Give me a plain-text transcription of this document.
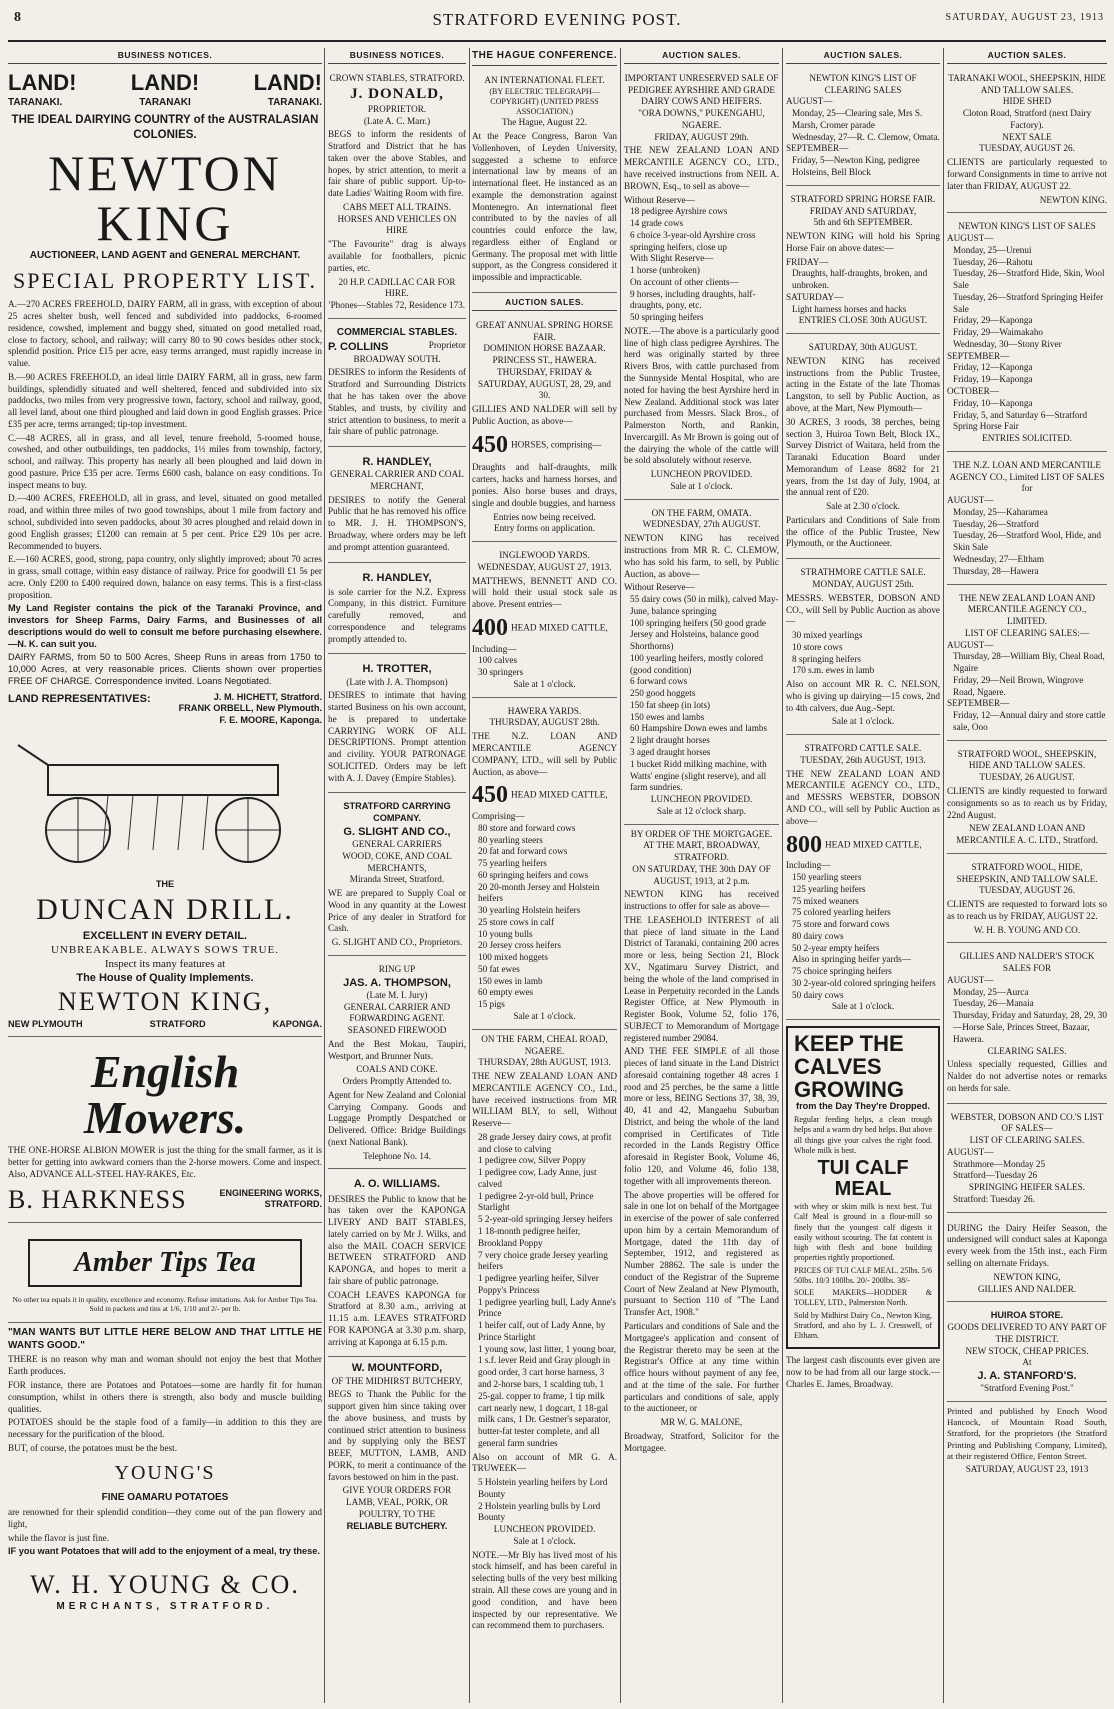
8	STRATFORD EVENING POST.	SATURDAY, AUGUST 23, 1913
BUSINESS NOTICES.
LAND! LAND! LAND!
TARANAKI.	TARANAKI	TARANAKI.
THE IDEAL DAIRYING COUNTRY of the AUSTRALASIAN COLONIES.
NEWTON KING
AUCTIONEER, LAND AGENT and GENERAL MERCHANT.
SPECIAL PROPERTY LIST.

A.—270 ACRES FREEHOLD, DAIRY FARM, all in grass, with exception of about 25 acres shelter bush, well fenced and subdivided into paddocks, 6-roomed residence, cowshed, implement and buggy shed, situated on good metalled road, close to factory, school, and railway; will carry 80 to 90 cows besides other stock, splendid position. Price £15 per acre, easy terms arranged, must rapidly increase in value.

B.—90 ACRES FREEHOLD, an ideal little DAIRY FARM, all in grass, new farm buildings, splendidly situated and well sheltered, fenced and subdivided into six paddocks, two miles from very progressive town, factory, school and railway, good, all level land, about one third ploughed and laid down in good English grasses. Price £35 per acre, terms arranged; tip-top investment.

C.—48 ACRES, all in grass, and all level, tenure freehold, 5-roomed house, cowshed, and other outbuildings, ten paddocks, 1½ miles from township, factory, school, and railway. This property has nearly all been ploughed and laid down in good pasture. Price £35 per acre. Terms £600 cash, balance on easy conditions. To inspect means to buy.

D.—400 ACRES, FREEHOLD, all in grass, and level, situated on good metalled road, and within three miles of two good townships, about 1 mile from factory and school, subdivided into seven paddocks, about 30 acres ploughed and relaid down in good English grasses; £1200 can remain at 5 per cent. Price £29 10s per acre. Recommended to buyers.

E.—160 ACRES, good, strong, papa country, only slightly improved; about 70 acres in grass, small cottage, within easy distance of railway. Price for goodwill £1 5s per acre. Only £200 to £400 required down, balance on easy terms. This is a first-class proposition.

My Land Register contains the pick of the Taranaki Province, and investors for Sheep Farms, Dairy Farms, and Businesses of all descriptions would do well to consult me before purchasing elsewhere.—N. K. can suit you.

DAIRY FARMS, from 50 to 500 Acres, Sheep Runs in areas from 1750 to 10,000 Acres, at very reasonable prices. Clients shown over properties FREE OF CHARGE. Correspondence invited. Loans Negotiated.

LAND REPRESENTATIVES:	J. M. HICHETT, Stratford.
FRANK ORBELL, New Plymouth.
F. E. MOORE, Kaponga.
THE
DUNCAN DRILL.
EXCELLENT IN EVERY DETAIL.
UNBREAKABLE. ALWAYS SOWS TRUE.
Inspect its many features at
The House of Quality Implements.
NEWTON KING,
NEW PLYMOUTH	STRATFORD	KAPONGA.
English Mowers.

THE ONE-HORSE ALBION MOWER is just the thing for the small farmer, as it is better for getting into awkward corners than the 2-horse mowers. Come and inspect. Also, ADVANCE ALL-STEEL HAY-RAKES, Etc.

B. HARKNESS	ENGINEERING WORKS, STRATFORD.
Amber Tips Tea

No other tea equals it in quality, excellence and economy. Refuse imitations. Ask for Amber Tips Tea. Sold in packets and tins at 1/6, 1/10 and 2/- per lb.

"MAN WANTS BUT LITTLE HERE BELOW AND THAT LITTLE HE WANTS GOOD."

THERE is no reason why man and woman should not enjoy the best that Mother Earth produces.

FOR instance, there are Potatoes and Potatoes—some are hardly fit for human consumption, whilst in others there is strength, also body and muscle building qualities.

POTATOES should be the staple food of a family—in addition to this they are necessary for the purification of the blood.

BUT, of course, the potatoes must be the best.

YOUNG'S
FINE OAMARU POTATOES

are renowned for their splendid condition—they come out of the pan flowery and light,

while the flavor is just fine.

IF you want Potatoes that will add to the enjoyment of a meal, try these.

W. H. YOUNG & CO.
MERCHANTS, STRATFORD.
BUSINESS NOTICES.
CROWN STABLES, STRATFORD.
J. DONALD,
PROPRIETOR.
(Late A. C. Marr.)

BEGS to inform the residents of Stratford and District that he has taken over the above Stables, and hopes, by strict attention, to merit a fair share of public support. Up-to-date Ladies' Waiting Room with fire.

CABS MEET ALL TRAINS.
HORSES AND VEHICLES ON HIRE

"The Favourite" drag is always available for footballers, picnic parties, etc.

20 H.P. CADILLAC CAR FOR HIRE.
'Phones—Stables 72, Residence 173.
COMMERCIAL STABLES.
P. COLLINS	Proprietor
BROADWAY SOUTH.

DESIRES to inform the Residents of Stratford and Surrounding Districts that he has taken over the above Stables, and trusts, by civility and strict attention to business, to merit a fair share of public patronage.

R. HANDLEY,
GENERAL CARRIER AND COAL MERCHANT,

DESIRES to notify the General Public that he has removed his office to MR. J. H. THOMPSON'S, Broadway, where orders may be left and prompt attention guaranteed.

R. HANDLEY,

is sole carrier for the N.Z. Express Company, in this district. Furniture carefully removed, and correspondence and telegrams promptly attended to.

H. TROTTER,
(Late with J. A. Thompson)

DESIRES to intimate that having started Business on his own account, he is prepared to undertake CARRYING WORK OF ALL DESCRIPTIONS. Prompt attention and civility. YOUR PATRONAGE SOLICITED. Orders may be left with A. J. Davey (Empire Stables).

STRATFORD CARRYING COMPANY.
G. SLIGHT AND CO.,
GENERAL CARRIERS
WOOD, COKE, AND COAL MERCHANTS,
Miranda Street, Stratford.

WE are prepared to Supply Coal or Wood in any quantity at the Lowest Price of any dealer in Stratford for Cash.

G. SLIGHT AND CO., Proprietors.
RING UP
JAS. A. THOMPSON,
(Late M. I. Jury)
GENERAL CARRIER AND FORWARDING AGENT.
SEASONED FIREWOOD

And the Best Mokau, Taupiri, Westport, and Brunner Nuts.

COALS AND COKE.
Orders Promptly Attended to.

Agent for New Zealand and Colonial Carrying Company. Goods and Luggage Promptly Despatched or Delivered. Office: Bridge Buildings (next National Bank).

Telephone No. 14.
A. O. WILLIAMS.

DESIRES the Public to know that he has taken over the KAPONGA LIVERY AND BAIT STABLES, lately carried on by Mr J. Wilks, and also the MAIL COACH SERVICE BETWEEN STRATFORD AND KAPONGA, and hopes to merit a fair share of public patronage.

COACH LEAVES KAPONGA for Stratford at 8.30 a.m., arriving at 11.15 a.m. LEAVES STRATFORD FOR KAPONGA at 3.30 p.m. sharp, arriving at Kaponga at 6.15 p.m.

W. MOUNTFORD,
OF THE MIDHIRST BUTCHERY,

BEGS to Thank the Public for the support given him since taking over the above business, and trusts by continued strict attention to business and by supplying only the BEST BEEF, MUTTON, LAMB, AND PORK, to merit a continuance of the favors bestowed on him in the past.

GIVE YOUR ORDERS FOR LAMB, VEAL, PORK, OR POULTRY, TO THE
RELIABLE BUTCHERY.
THE HAGUE CONFERENCE.
AN INTERNATIONAL FLEET.
(BY ELECTRIC TELEGRAPH—COPYRIGHT) (UNITED PRESS ASSOCIATION.)
The Hague, August 22.

At the Peace Congress, Baron Van Vollenhoven, of Leyden University, suggested a scheme to enforce international law by means of an international fleet. He instanced as an example the demonstration against Montenegro. An international fleet contributed to by the navies of all countries could enforce the law, regardless either of England or Germany. The proposal met with little support, as the Congress considered it impossible and impracticable.

AUCTION SALES.
GREAT ANNUAL SPRING HORSE FAIR.
DOMINION HORSE BAZAAR.
PRINCESS ST., HAWERA.
THURSDAY, FRIDAY & SATURDAY, AUGUST, 28, 29, and 30.

GILLIES AND NALDER will sell by Public Auction, as above—

450 HORSES, comprising—

Draughts and half-draughts, milk carters, hacks and harness horses, and ponies. Also horse buses and drays, single and double buggies, and harness

Entries now being received.
Entry forms on application.
INGLEWOOD YARDS.
WEDNESDAY, AUGUST 27, 1913.

MATTHEWS, BENNETT AND CO. will hold their usual stock sale as above. Present entries—

400 HEAD MIXED CATTLE, Including—
100 calves
30 springers
Sale at 1 o'clock.
HAWERA YARDS.
THURSDAY, AUGUST 28th.

THE N.Z. LOAN AND MERCANTILE AGENCY COMPANY, LTD., will sell by Public Auction, as above—

450 HEAD MIXED CATTLE, Comprising—
80 store and forward cows
80 yearling steers
20 fat and forward cows
75 yearling heifers
60 springing heifers and cows
20 20-month Jersey and Holstein heifers
30 yearling Holstein heifers
25 store cows in calf
10 young bulls
20 Jersey cross heifers
100 mixed hoggets
50 fat ewes
150 ewes in lamb
60 empty ewes
15 pigs
Sale at 1 o'clock.
ON THE FARM, CHEAL ROAD, NGAERE.
THURSDAY, 28th AUGUST, 1913.

THE NEW ZEALAND LOAN AND MERCANTILE AGENCY CO., Ltd., have received instructions from MR WILLIAM BLY, to sell, Without Reserve—

28 grade Jersey dairy cows, at profit and close to calving
1 pedigree cow, Silver Poppy
1 pedigree cow, Lady Anne, just calved
1 pedigree 2-yr-old bull, Prince Starlight
5 2-year-old springing Jersey heifers
1 18-month pedigree heifer, Brookland Poppy
7 very choice grade Jersey yearling heifers
1 pedigree yearling heifer, Silver Poppy's Princess
1 pedigree yearling bull, Lady Anne's Prince
1 heifer calf, out of Lady Anne, by Prince Starlight
1 young sow, last litter, 1 young boar, 1 s.f. lever Reid and Gray plough in good order, 3 cart horse harness, 3 and 2-horse bars, 1 scalding tub, 1 25-gal. copper to frame, 1 tip milk cart nearly new, 1 dogcart, 1 18-gal milk cans, 1 Dr. Gestner's separator, butter-fat tester complete, and all general farm sundries

Also on account of MR G. A. TRUWEEK—

5 Holstein yearling heifers by Lord Bounty
2 Holstein yearling bulls by Lord Bounty
LUNCHEON PROVIDED.
Sale at 1 o'clock.

NOTE.—Mr Bly has lived most of his stock himself, and has been careful in selecting bulls of the very best milking strain. All these cows are young and in good condition, and have been inspected by our representative. We can recommend them to purchasers.

AUCTION SALES.
IMPORTANT UNRESERVED SALE OF PEDIGREE AYRSHIRE AND GRADE DAIRY COWS AND HEIFERS.
"ORA DOWNS," PUKENGAHU, NGAERE.
FRIDAY, AUGUST 29th.

THE NEW ZEALAND LOAN AND MERCANTILE AGENCY CO., LTD., have received instructions from NEIL A. BROWN, Esq., to sell as above—

Without Reserve—
18 pedigree Ayrshire cows
14 grade cows
6 choice 3-year-old Ayrshire cross springing heifers, close up
With Slight Reserve—
1 horse (unbroken)
On account of other clients—
9 horses, including draughts, half-draughts, pony, etc.
50 springing heifers

NOTE.—The above is a particularly good line of high class pedigree Ayrshires. The herd was originally started by three Rivers Bros, with cattle purchased from the Sunnyside Mental Hospital, who are noted for having the best Ayrshire herd in New Zealand. Additional stock was later purchased from Messrs. Slack Bros., of Palmerston North, and Rankin, Invercargill. As Mr Brown is going out of the dairying the whole of the cattle will be sold absolutely without reserve.

LUNCHEON PROVIDED.
Sale at 1 o'clock.
ON THE FARM, OMATA.
WEDNESDAY, 27th AUGUST.

NEWTON KING has received instructions from MR R. C. CLEMOW, who has sold his farm, to sell, by Public Auction, as above—

Without Reserve—
55 dairy cows (50 in milk), calved May-June, balance springing
100 springing heifers (50 good grade Jersey and Holsteins, balance good Shorthorns)
100 yearling heifers, mostly colored (good condition)
6 forward cows
250 good hoggets
150 fat sheep (in lots)
150 ewes and lambs
60 Hampshire Down ewes and lambs
2 light draught horses
3 aged draught horses
1 bucket Ridd milking machine, with Watts' engine (slight reserve), and all farm sundries.
LUNCHEON PROVIDED.
Sale at 12 o'clock sharp.
BY ORDER OF THE MORTGAGEE.
AT THE MART, BROADWAY, STRATFORD.
ON SATURDAY, THE 30th DAY OF AUGUST, 1913, at 2 p.m.

NEWTON KING has received instructions to offer for sale as above—

THE LEASEHOLD INTEREST of all that piece of land situate in the Land District of Taranaki, containing 200 acres more or less, being Section 21, Block XV., Ngatimaru Survey District, and being the whole of the land comprised in Lease in Perpetuity recorded in the Lands Register Office, at New Plymouth in Register Book, Volume 52, folio 176, SUBJECT to Memorandum of Mortgage registered number 29084.

AND THE FEE SIMPLE of all those pieces of land situate in the Land District aforesaid containing together 48 acres 1 rood and 25 perches, be the same a little more or less, BEING Sections 37, 38, 39, 40, 41 and 42, Mangaehu Suburban District, and being the whole of the land comprised in Certificates of Title recorded in the Lands Registry Office aforesaid in Register Book, Volume 46, folio 120, and Volume 46, folio 138, together with all improvements thereon.

The above properties will be offered for sale in one lot on behalf of the Mortgagee in exercise of the power of sale conferred upon him by a certain Memorandum of Mortgage, dated the 11th day of September, 1912, and registered as Number 28862. The sale is under the conduct of the Registrar of the Supreme Court of New Zealand at New Plymouth, pursuant to Section 110 of "The Land Transfer Act, 1908."

Particulars and conditions of Sale and the Mortgagee's application and consent of the Registrar thereto may be seen at the Registrar's Office at any time within office hours without payment of any fee, and at the time of the sale. For further particulars and conditions of sale, apply to the auctioneer, or

MR W. G. MALONE,

Broadway, Stratford, Solicitor for the Mortgagee.

AUCTION SALES.
NEWTON KING'S LIST OF CLEARING SALES
AUGUST—
Monday, 25—Clearing sale, Mrs S. Marsh, Cromer parade
Wednesday, 27—R. C. Clemow, Omata.
SEPTEMBER—
Friday, 5—Newton King, pedigree Holsteins, Bell Block
STRATFORD SPRING HORSE FAIR.
FRIDAY AND SATURDAY,
5th and 6th SEPTEMBER.

NEWTON KING will hold his Spring Horse Fair on above dates:—

FRIDAY—
Draughts, half-draughts, broken, and unbroken.
SATURDAY—
Light harness horses and hacks
ENTRIES CLOSE 30th AUGUST.
SATURDAY, 30th AUGUST.

NEWTON KING has received instructions from the Public Trustee, acting in the Estate of the late Thomas Langston, to sell by Public Auction, as above, at the Mart, New Plymouth—

30 ACRES, 3 roods, 38 perches, being section 3, Huiroa Town Belt, Block IX., Survey District of Waitara, held from the Taranaki Education Board under Memorandum of Lease 8682 for 21 years, from the 1st day of July, 1904, at the annual rent of £20.

Sale at 2.30 o'clock.

Particulars and Conditions of Sale from the office of the Public Trustee, New Plymouth, or the Auctioneer.

STRATHMORE CATTLE SALE.
MONDAY, AUGUST 25th.

MESSRS. WEBSTER, DOBSON AND CO., will Sell by Public Auction as above—

30 mixed yearlings
10 store cows
8 springing heifers
170 s.m. ewes in lamb

Also on account MR R. C. NELSON, who is giving up dairying—15 cows, 2nd to 4th calvers, due Aug.-Sept.

Sale at 1 o'clock.
STRATFORD CATTLE SALE.
TUESDAY, 26th AUGUST, 1913.

THE NEW ZEALAND LOAN AND MERCANTILE AGENCY CO., LTD., and MESSRS WEBSTER, DOBSON AND CO., will sell by Public Auction as above—

800 HEAD MIXED CATTLE, Including—
150 yearling steers
125 yearling heifers
75 mixed weaners
75 colored yearling heifers
75 store and forward cows
80 dairy cows
50 2-year empty heifers
Also in springing heifer yards—
75 choice springing heifers
30 2-year-old colored springing heifers
50 dairy cows
Sale at 1 o'clock.
KEEP THE CALVES GROWING
from the Day They're Dropped.

Regular feeding helps, a clean trough helps and a warm dry bed helps. But above all things give your calves the right food. Whole milk is best.

TUI CALF MEAL

with whey or skim milk is next best. Tui Calf Meal is ground in a flour-mill so finely that the youngest calf digests it easily without scouring. The fat content is high with flesh and bone building properties rightly proportioned.

PRICES OF TUI CALF MEAL. 25lbs. 5/6 50lbs. 10/3 100lbs. 20/- 200lbs. 38/-

SOLE MAKERS—HODDER & TOLLEY, LTD., Palmerston North.

Sold by Midhirst Dairy Co., Newton King, Stratford, and also by L. J. Cresswell, of Eltham.

The largest cash discounts ever given are now to be had from all our large stock.—Charles E. James, Broadway.

AUCTION SALES.
TARANAKI WOOL, SHEEPSKIN, HIDE AND TALLOW SALES.
HIDE SHED
Cloton Road, Stratford (next Dairy Factory).
NEXT SALE
TUESDAY, AUGUST 26.

CLIENTS are particularly requested to forward Consignments in time to arrive not later than FRIDAY, AUGUST 22.

NEWTON KING.
NEWTON KING'S LIST OF SALES
AUGUST—
Monday, 25—Urenui
Tuesday, 26—Rahotu
Tuesday, 26—Stratford Hide, Skin, Wool Sale
Tuesday, 26—Stratford Springing Heifer Sale
Friday, 29—Kaponga
Friday, 29—Waimakaho
Wednesday, 30—Stony River
SEPTEMBER—
Friday, 12—Kaponga
Friday, 19—Kaponga
OCTOBER—
Friday, 10—Kaponga
Friday, 5, and Saturday 6—Stratford Spring Horse Fair
ENTRIES SOLICITED.
THE N.Z. LOAN AND MERCANTILE AGENCY CO., Limited LIST OF SALES for
AUGUST—
Monday, 25—Kaharamea
Tuesday, 26—Stratford
Tuesday, 26—Stratford Wool, Hide, and Skin Sale
Wednesday, 27—Eltham
Thursday, 28—Hawera
THE NEW ZEALAND LOAN AND MERCANTILE AGENCY CO., LIMITED.
LIST OF CLEARING SALES:—
AUGUST—
Thursday, 28—William Bly, Cheal Road, Ngaire
Friday, 29—Neil Brown, Wingrove Road, Ngaere.
SEPTEMBER—
Friday, 12—Annual dairy and store cattle sale, Ooo
STRATFORD WOOL, SHEEPSKIN, HIDE AND TALLOW SALES.
TUESDAY, 26 AUGUST.

CLIENTS are kindly requested to forward consignments so as to reach us by Friday, 22nd August.

NEW ZEALAND LOAN AND MERCANTILE A. C. LTD., Stratford.
STRATFORD WOOL, HIDE, SHEEPSKIN, AND TALLOW SALE.
TUESDAY, AUGUST 26.

CLIENTS are requested to forward lots so as to reach us by FRIDAY, AUGUST 22.

W. H. B. YOUNG AND CO.
GILLIES AND NALDER'S STOCK SALES FOR
AUGUST—
Monday, 25—Aurca
Tuesday, 26—Manaia
Thursday, Friday and Saturday, 28, 29, 30—Horse Sale, Princes Street, Bazaar, Hawera.
CLEARING SALES.

Unless specially requested, Gillies and Nalder do not advertise notes or remarks on herds for sale.

WEBSTER, DOBSON AND CO.'S LIST OF SALES—
LIST OF CLEARING SALES.
AUGUST—
Strathmore—Monday 25
Stratford—Tuesday 26
SPRINGING HEIFER SALES.
Stratford: Tuesday 26.

DURING the Dairy Heifer Season, the undersigned will conduct sales at Kaponga every week from the 15th inst., each Firm selling on alternate Fridays.

NEWTON KING,
GILLIES AND NALDER.
HUIROA STORE.
GOODS DELIVERED TO ANY PART OF THE DISTRICT.
NEW STOCK, CHEAP PRICES.
At
J. A. STANFORD'S.
"Stratford Evening Post."

Printed and published by Enoch Wood Hancock, of Mountain Road South, Stratford, for the proprietors (the Stratford Printing and Publishing Company, Limited), at their registered Office, Fenton Street.

SATURDAY, AUGUST 23, 1913
